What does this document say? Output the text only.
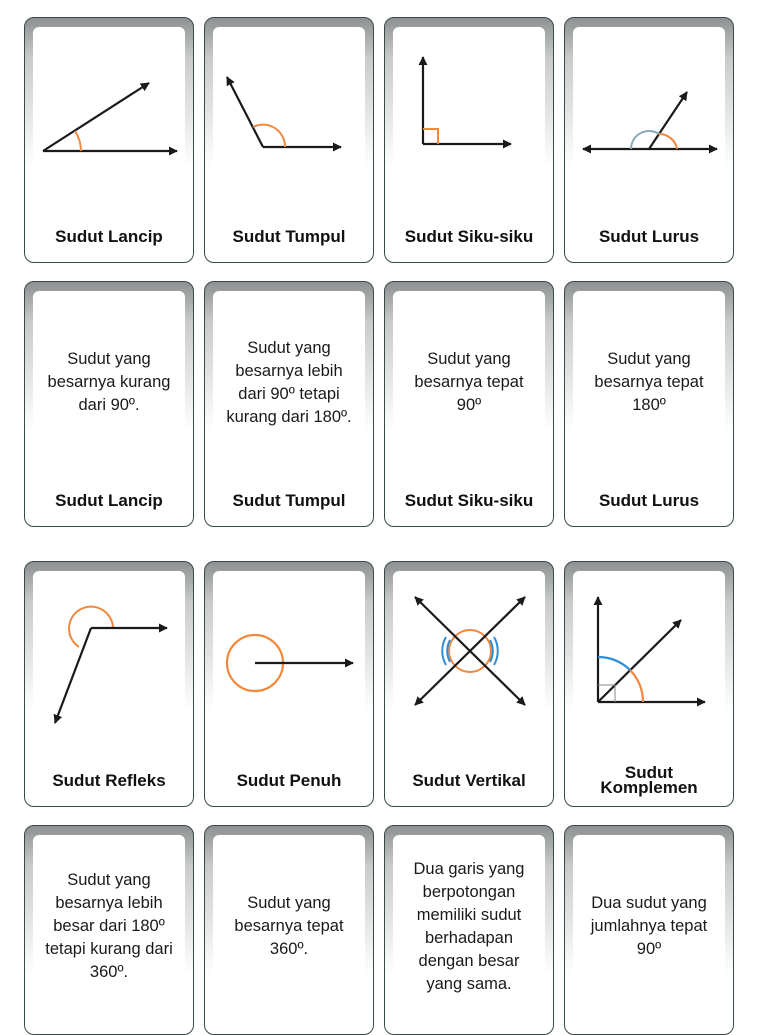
Sudut Lancip	Sudut Tumpul	Sudut Siku-siku	Sudut Lurus
Sudut yang besarnya kurang dari 90º.
Sudut Lancip
Sudut yang besarnya lebih dari 90º tetapi kurang dari 180º.
Sudut Tumpul
Sudut yang besarnya tepat 90º
Sudut Siku-siku
Sudut yang besarnya tepat 180º
Sudut Lurus
Sudut Refleks	Sudut Penuh	Sudut Vertikal	Sudut Komplemen
Sudut yang besarnya lebih besar dari 180º tetapi kurang dari 360º.
Sudut yang besarnya tepat 360º.
Dua garis yang berpotongan memiliki sudut berhadapan dengan besar yang sama.
Dua sudut yang jumlahnya tepat 90º
